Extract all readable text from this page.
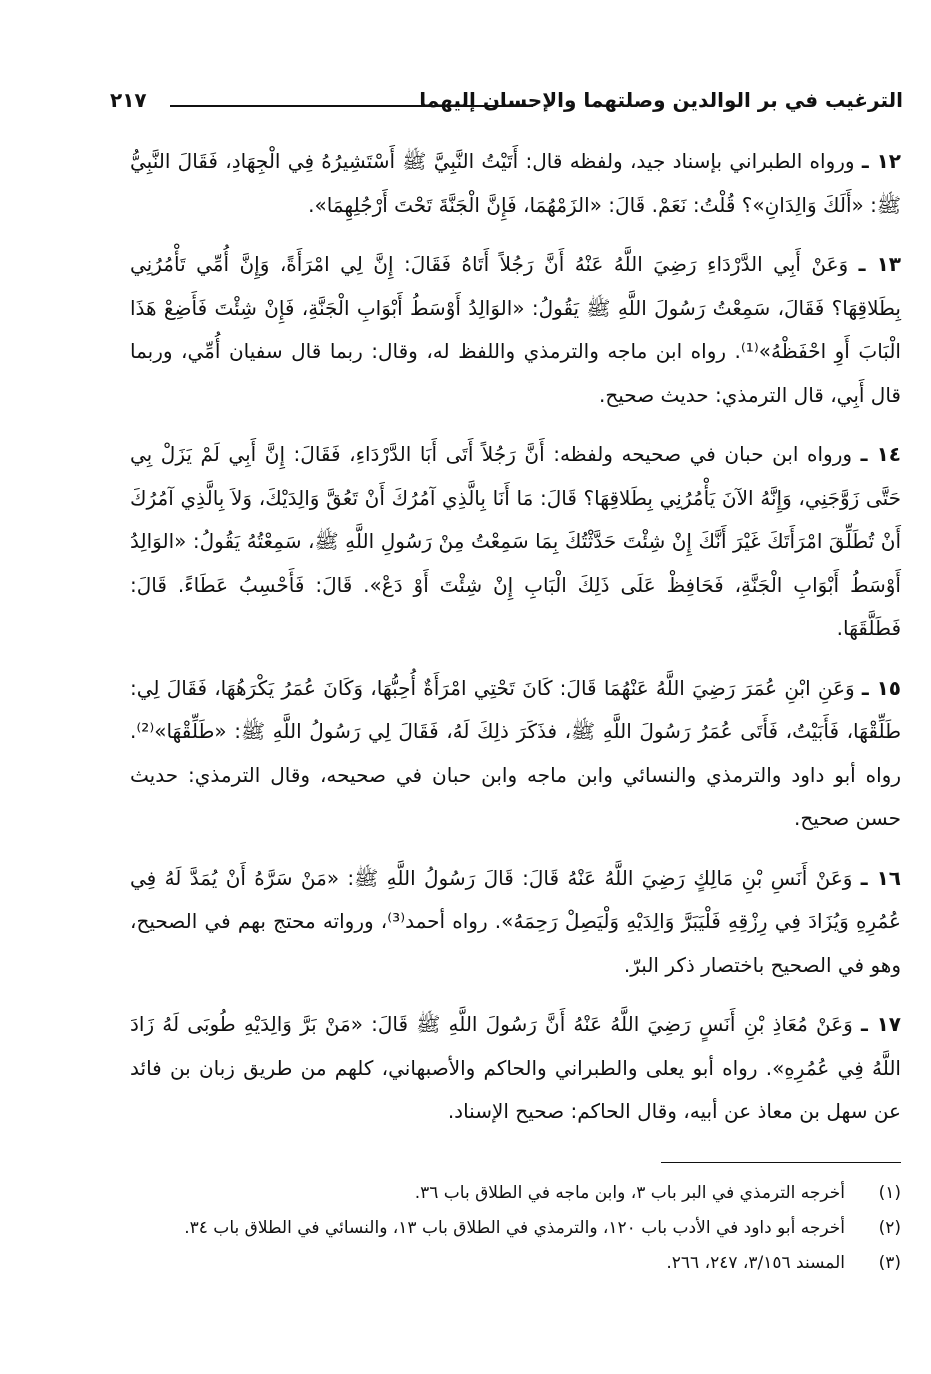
الترغيب في بر الوالدين وصلتهما والإحسان إليهما
٢١٧

١٢ ـ ورواه الطبراني بإسناد جيد، ولفظه قال: أَتَيْتُ النَّبِيَّ ﷺ أَسْتَشِيرُهُ فِي الْجِهَادِ، فَقَالَ النَّبِيُّ ﷺ: «أَلَكَ وَالِدَانِ»؟ قُلْتُ: نَعَمْ. قَالَ: «الزَمْهُمَا، فَإِنَّ الْجَنَّةَ تَحْتَ أَرْجُلِهِمَا».

١٣ ـ وَعَنْ أَبِي الدَّرْدَاءِ رَضِيَ اللَّهُ عَنْهُ أَنَّ رَجُلاً أَتَاهُ فَقَالَ: إِنَّ لِي امْرَأَةً، وَإِنَّ أُمِّي تَأْمُرُنِي بِطَلاقِهَا؟ فَقَالَ، سَمِعْتُ رَسُولَ اللَّهِ ﷺ يَقُولُ: «الوَالِدُ أَوْسَطُ أَبْوَابِ الْجَنَّةِ، فَإِنْ شِئْتَ فَأَضِعْ هَذَا الْبَابَ أَوِ احْفَظْهُ»⁽¹⁾. رواه ابن ماجه والترمذي واللفظ له، وقال: ربما قال سفيان أُمِّي، وربما قال أَبِي، قال الترمذي: حديث صحيح.

١٤ ـ ورواه ابن حبان في صحيحه ولفظه: أَنَّ رَجُلاً أَتَى أَبَا الدَّرْدَاءِ، فَقَالَ: إِنَّ أَبِي لَمْ يَزَلْ بِي حَتَّى زَوَّجَنِي، وَإِنَّهُ الآنَ يَأْمُرُنِي بِطَلاقِهَا؟ قَالَ: مَا أَنَا بِالَّذِي آمُرُكَ أَنْ تَعُقَّ وَالِدَيْكَ، وَلاَ بِالَّذِي آمُرُكَ أَنْ تُطَلِّقَ امْرَأَتَكَ غَيْرَ أَنَّكَ إِنْ شِئْتَ حَدَّثْتُكَ بِمَا سَمِعْتُ مِنْ رَسُولِ اللَّهِ ﷺ، سَمِعْتُهُ يَقُولُ: «الوَالِدُ أَوْسَطُ أَبْوَابِ الْجَنَّةِ، فَحَافِظْ عَلَى ذَلِكَ الْبَابِ إِنْ شِئْتَ أَوْ دَعْ». قَالَ: فَأَحْسِبُ عَطَاءً. قَالَ: فَطَلَّقَهَا.

١٥ ـ وَعَنِ ابْنِ عُمَرَ رَضِيَ اللَّهُ عَنْهُمَا قَالَ: كَانَ تَحْتِي امْرَأَةٌ أُحِبُّهَا، وَكَانَ عُمَرُ يَكْرَهُهَا، فَقَالَ لِي: طَلِّقْهَا، فَأَبَيْتُ، فَأَتَى عُمَرُ رَسُولَ اللَّهِ ﷺ، فذَكَرَ ذلِكَ لَهُ، فَقَالَ لِي رَسُولُ اللَّهِ ﷺ: «طَلِّقْهَا»⁽²⁾. رواه أبو داود والترمذي والنسائي وابن ماجه وابن حبان في صحيحه، وقال الترمذي: حديث حسن صحيح.

١٦ ـ وَعَنْ أَنَسِ بْنِ مَالِكٍ رَضِيَ اللَّهُ عَنْهُ قَالَ: قَالَ رَسُولُ اللَّهِ ﷺ: «مَنْ سَرَّهُ أَنْ يُمَدَّ لَهُ فِي عُمُرِهِ وَيُزَادَ فِي رِزْقِهِ فَلْيَبَرَّ وَالِدَيْهِ وَلْيَصِلْ رَحِمَهُ». رواه أحمد⁽³⁾، ورواته محتج بهم في الصحيح، وهو في الصحيح باختصار ذكر البرّ.

١٧ ـ وَعَنْ مُعَاذِ بْنِ أَنَسٍ رَضِيَ اللَّهُ عَنْهُ أَنَّ رَسُولَ اللَّهِ ﷺ قَالَ: «مَنْ بَرَّ وَالِدَيْهِ طُوبَى لَهُ زَادَ اللَّهُ فِي عُمُرِهِ». رواه أبو يعلى والطبراني والحاكم والأصبهاني، كلهم من طريق زبان بن فائد عن سهل بن معاذ عن أبيه، وقال الحاكم: صحيح الإسناد.

(١)
أخرجه الترمذي في البر باب ٣، وابن ماجه في الطلاق باب ٣٦.
(٢)
أخرجه أبو داود في الأدب باب ١٢٠، والترمذي في الطلاق باب ١٣، والنسائي في الطلاق باب ٣٤.
(٣)
المسند ٣/١٥٦، ٢٤٧، ٢٦٦.
